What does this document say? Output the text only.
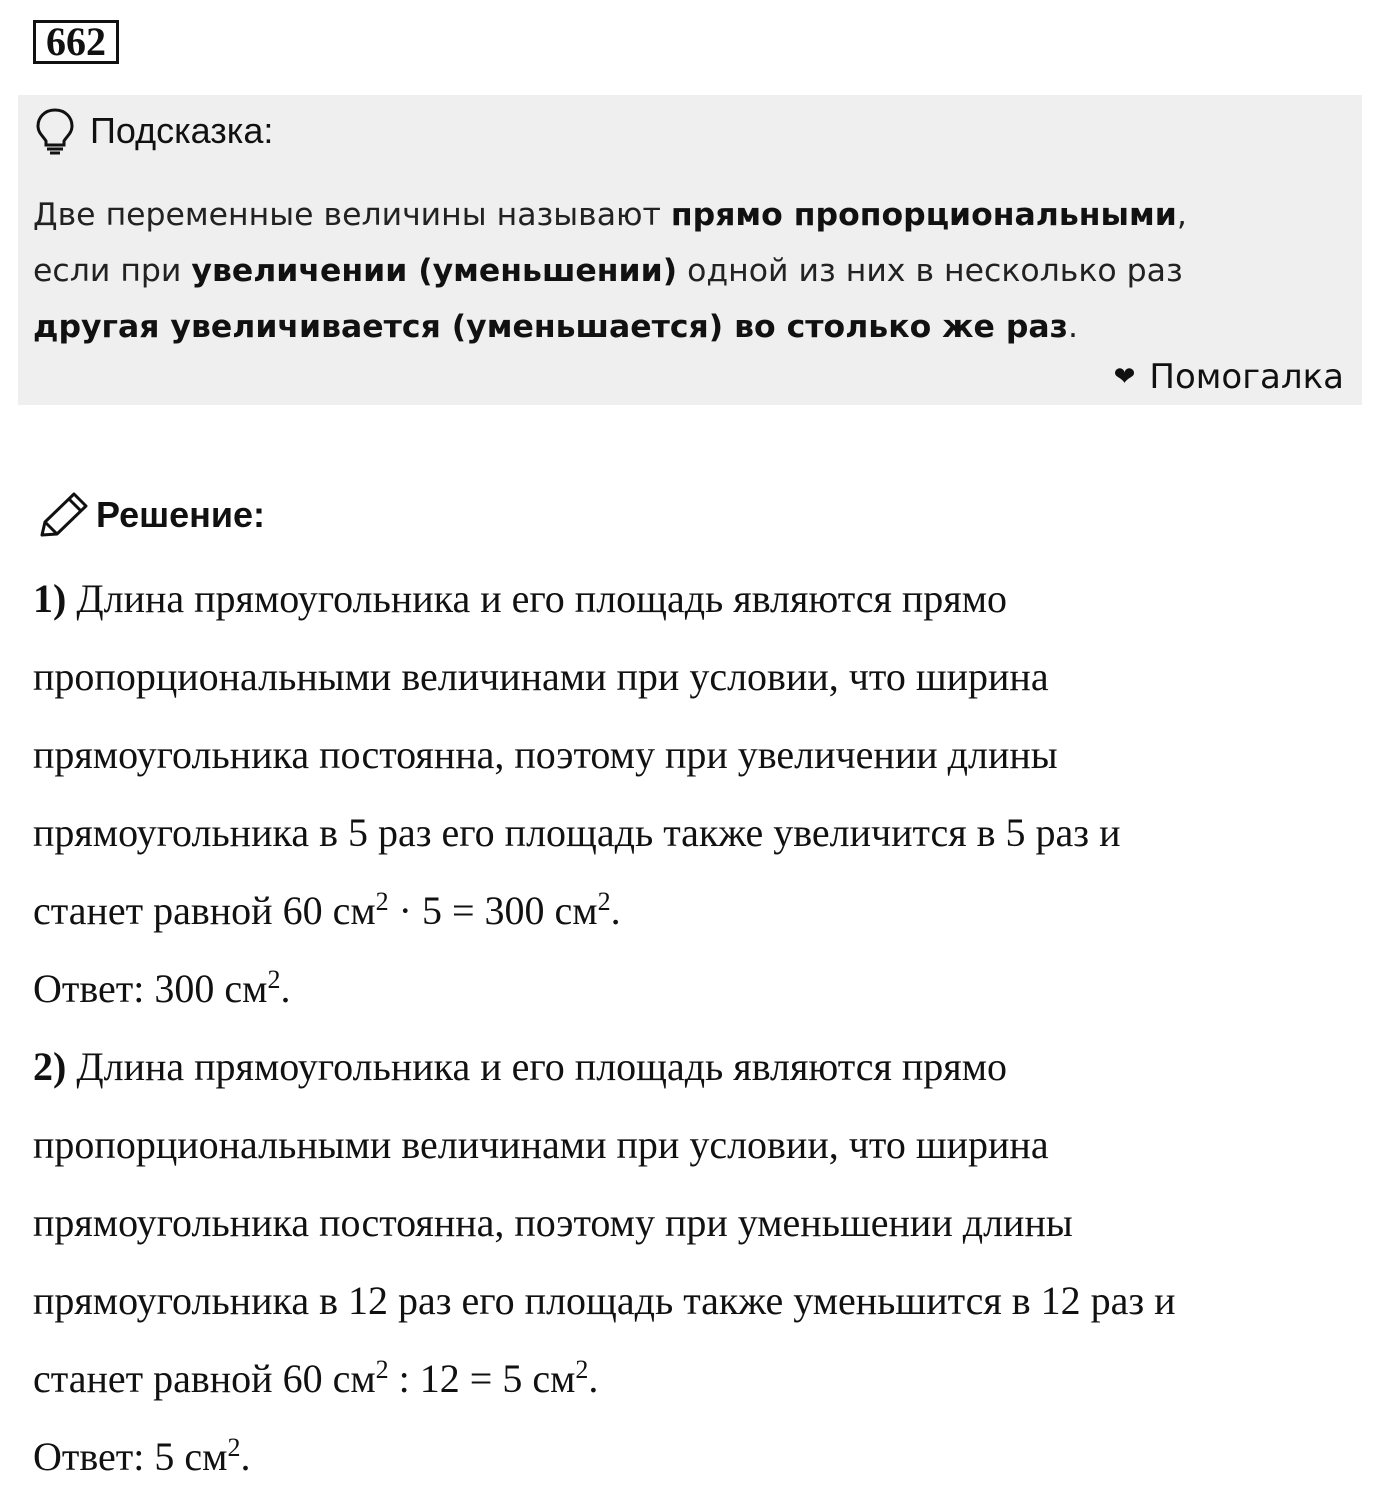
662
Подсказка:
Две переменные величины называют прямо пропорциональными,
если при увеличении (уменьшении) одной из них в несколько раз
другая увеличивается (уменьшается) во столько же раз.
❤ Помогалка
Решение:

1) Длина прямоугольника и его площадь являются прямо

пропорциональными величинами при условии, что ширина

прямоугольника постоянна, поэтому при увеличении длины

прямоугольника в 5 раз его площадь также увеличится в 5 раз и

станет равной 60 $см^2 \cdot 5 = 300$ $см^2$.

Ответ: 300 $см^2$.

2) Длина прямоугольника и его площадь являются прямо

пропорциональными величинами при условии, что ширина

прямоугольника постоянна, поэтому при уменьшении длины

прямоугольника в 12 раз его площадь также уменьшится в 12 раз и

станет равной 60 $см^2$ : 12 = 5 $см^2$.

Ответ: 5 $см^2$.
